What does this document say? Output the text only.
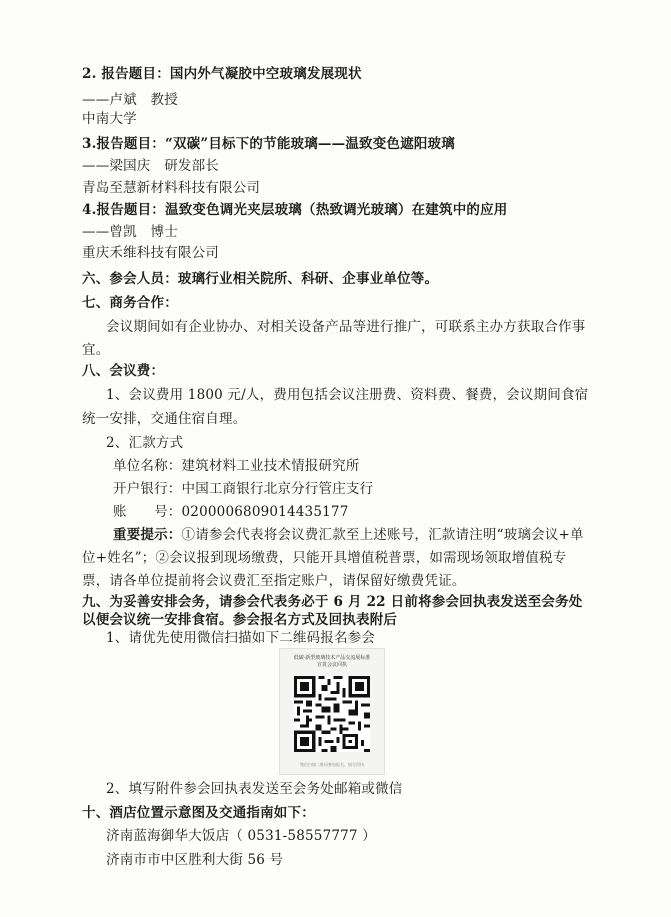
2. 报告题目：国内外气凝胶中空玻璃发展现状
——卢斌　教授
中南大学
3.报告题目：“双碳”目标下的节能玻璃——温致变色遮阳玻璃
——梁国庆　研发部长
青岛至慧新材料科技有限公司
4.报告题目：温致变色调光夹层玻璃（热致调光玻璃）在建筑中的应用
——曾凯　博士
重庆禾维科技有限公司
六、参会人员：玻璃行业相关院所、科研、企事业单位等。
七、商务合作：
会议期间如有企业协办、对相关设备产品等进行推广，可联系主办方获取合作事
宜。
八、会议费：
1、会议费用 1800 元/人，费用包括会议注册费、资料费、餐费，会议期间食宿
统一安排，交通住宿自理。
2、汇款方式
单位名称：建筑材料工业技术情报研究所
开户银行：中国工商银行北京分行管庄支行
账　　号：0200006809014435177
重要提示：①请参会代表将会议费汇款至上述账号，汇款请注明“玻璃会议+单
位+姓名”；②会议报到现场缴费，只能开具增值税普票，如需现场领取增值税专
票，请各单位提前将会议费汇至指定账户，请保留好缴费凭证。
九、为妥善安排会务，请参会代表务必于 6 月 22 日前将参会回执表发送至会务处
以便会议统一安排食宿。参会报名方式及回执表附后
1、请优先使用微信扫描如下二维码报名参会
低碳·新型玻璃技术产品交流展标准
宣贯会议回执
微信扫描二维码参加报名，填写回执
2、填写附件参会回执表发送至会务处邮箱或微信
十、酒店位置示意图及交通指南如下：
济南蓝海御华大饭店（ 0531-58557777 ）
济南市市中区胜利大街 56 号
